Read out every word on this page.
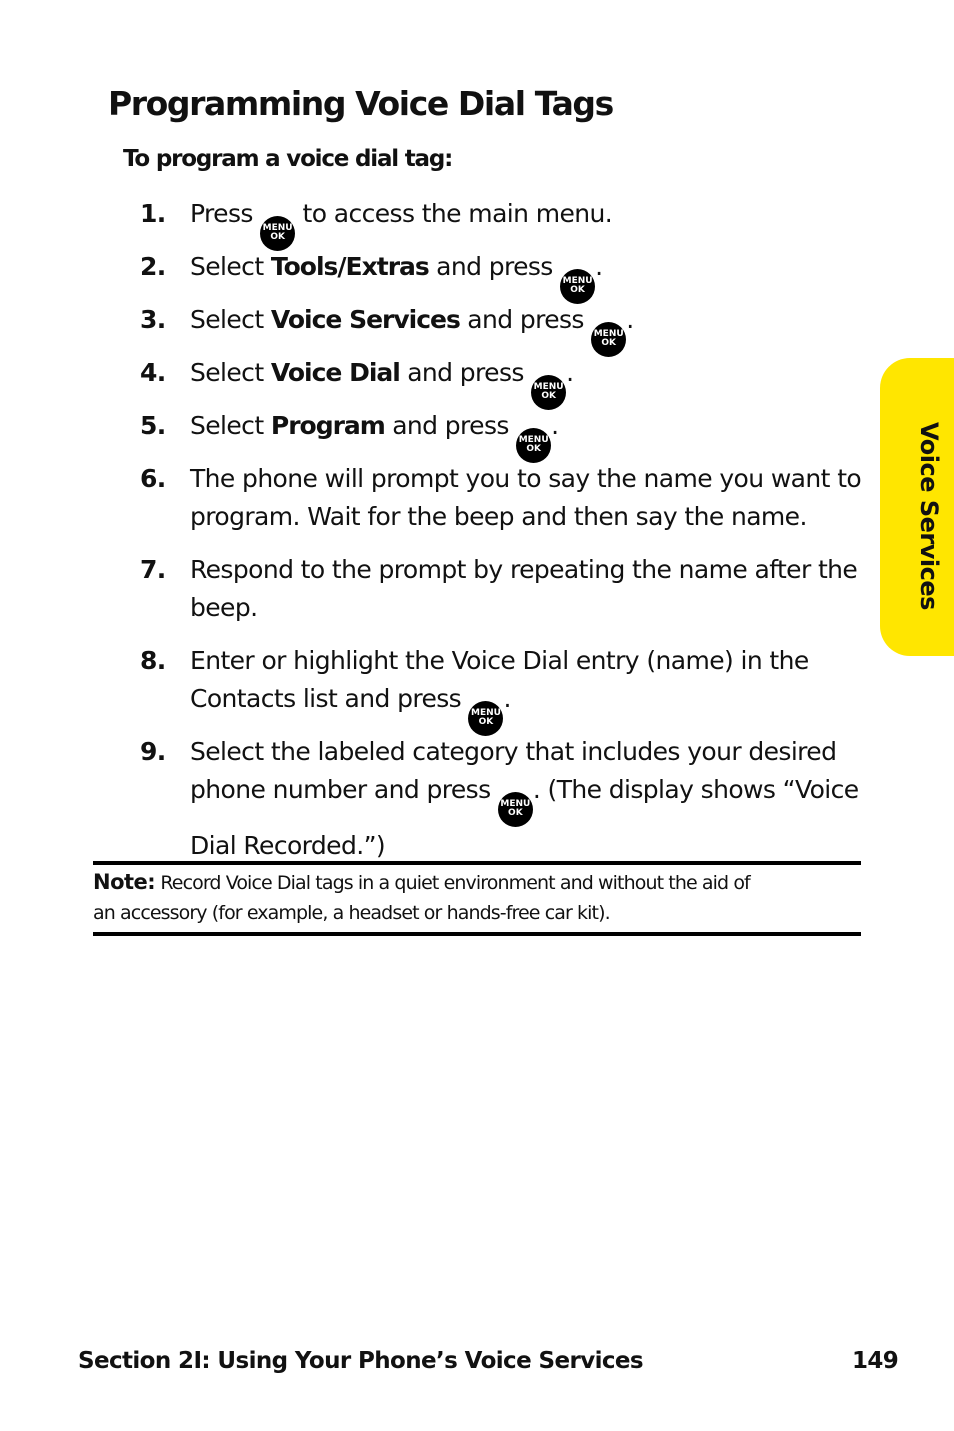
Programming Voice Dial Tags
To program a voice dial tag:
1. Press MENU
OK
to access the main menu.
2. Select Tools/Extras and press MENU
OK
.
3. Select Voice Services and press MENU
OK
.
4. Select Voice Dial and press MENU
OK
.
5. Select Program and press MENU
OK
.
6. The phone will prompt you to say the name you want to
program. Wait for the beep and then say the name.
7. Respond to the prompt by repeating the name after the
beep.
8. Enter or highlight the Voice Dial entry (name) in the
Contacts list and press MENU
OK
.
9. Select the labeled category that includes your desired
phone number and press MENU
OK
. (The display shows “Voice
Dial Recorded.”)
Note: Record Voice Dial tags in a quiet environment and without the aid of
an accessory (for example, a headset or hands-free car kit).
Voice Services
Section 2I: Using Your Phone’s Voice Services	149
